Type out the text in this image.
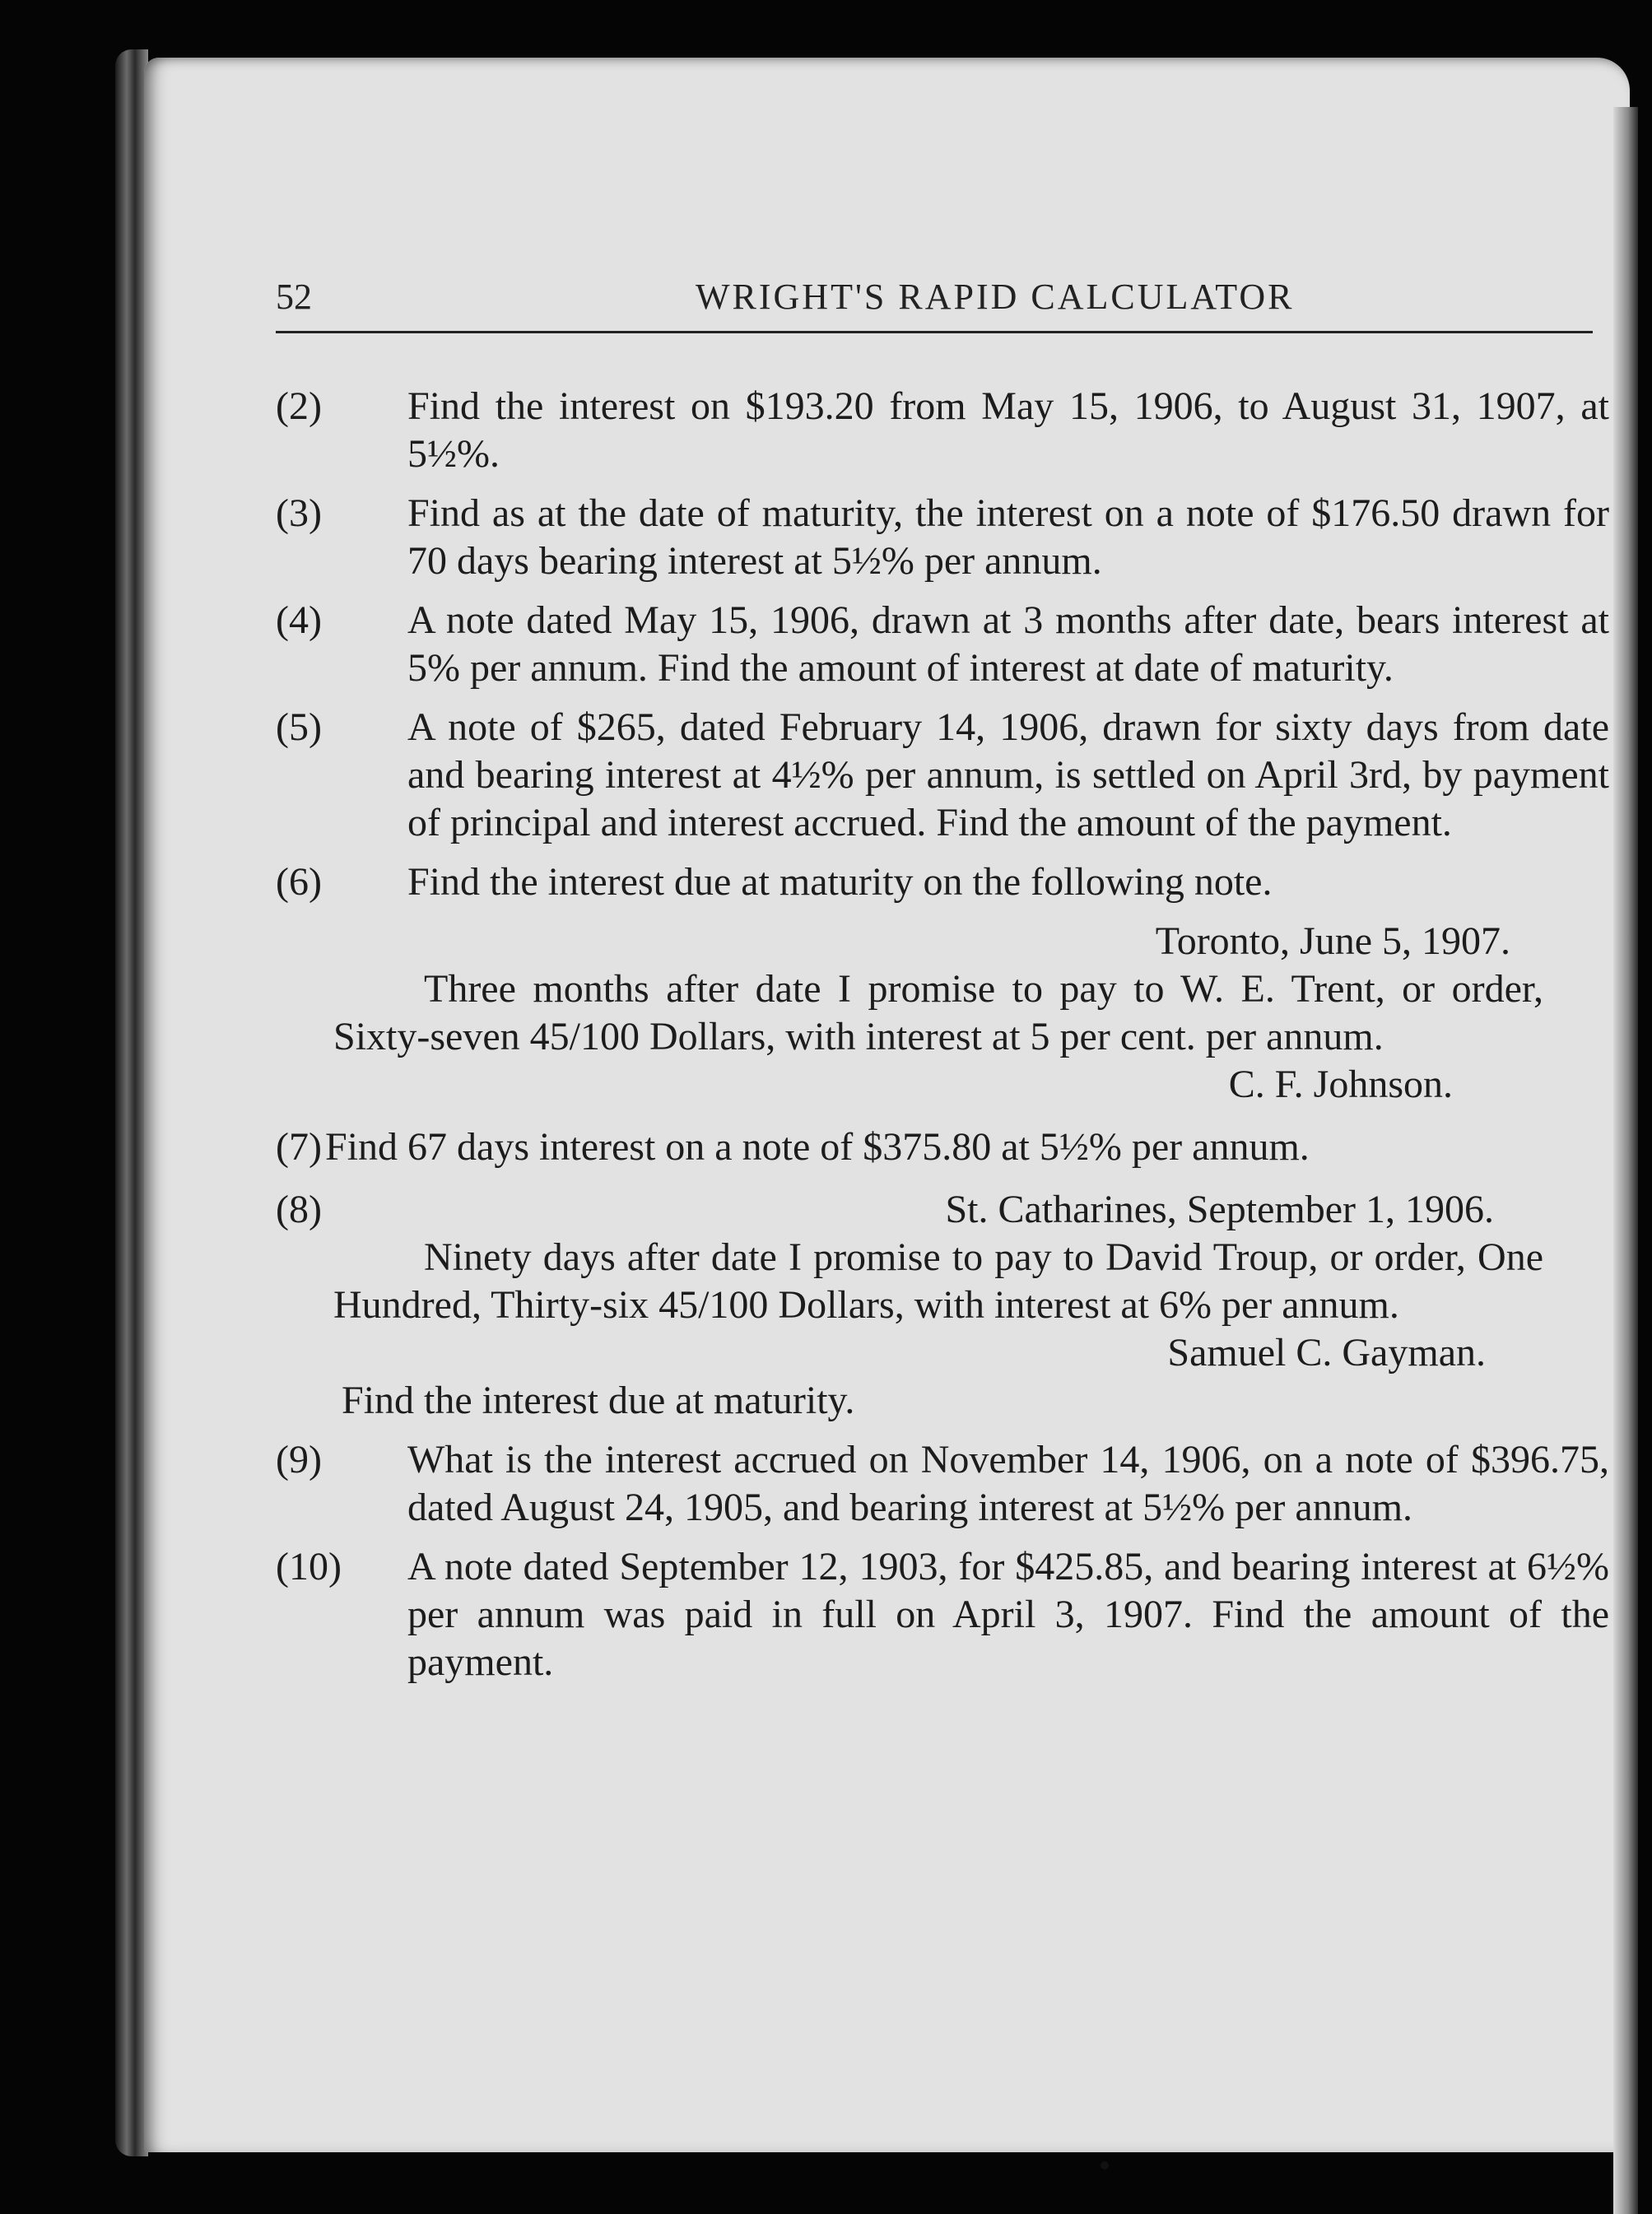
52	WRIGHT'S RAPID CALCULATOR
(2) Find the interest on $193.20 from May 15, 1906, to August 31, 1907, at 5½%.
(3) Find as at the date of maturity, the interest on a note of $176.50 drawn for 70 days bearing interest at 5½% per annum.
(4) A note dated May 15, 1906, drawn at 3 months after date, bears interest at 5% per annum. Find the amount of interest at date of maturity.
(5) A note of $265, dated February 14, 1906, drawn for sixty days from date and bearing interest at 4½% per annum, is settled on April 3rd, by payment of principal and interest accrued. Find the amount of the payment.
(6) Find the interest due at maturity on the following note.
Toronto, June 5, 1907.
Three months after date I promise to pay to W. E. Trent, or order, Sixty-seven 45/100 Dollars, with interest at 5 per cent. per annum.
C. F. Johnson.
(7) Find 67 days interest on a note of $375.80 at 5½% per annum.
(8)	St. Catharines, September 1, 1906.
Ninety days after date I promise to pay to David Troup, or order, One Hundred, Thirty-six 45/100 Dollars, with interest at 6% per annum.
Samuel C. Gayman.
Find the interest due at maturity.
(9) What is the interest accrued on November 14, 1906, on a note of $396.75, dated August 24, 1905, and bearing interest at 5½% per annum.
(10) A note dated September 12, 1903, for $425.85, and bearing interest at 6½% per annum was paid in full on April 3, 1907. Find the amount of the payment.
